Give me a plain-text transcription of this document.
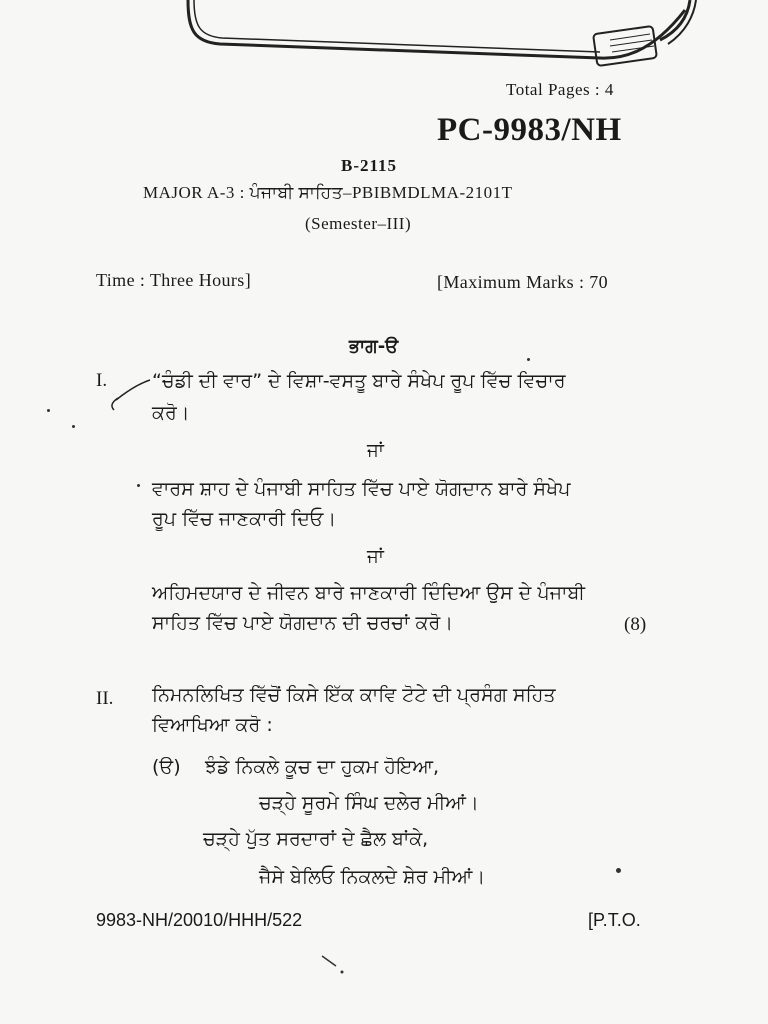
Total Pages : 4
PC-9983/NH
B-2115
MAJOR A-3 : ਪੰਜਾਬੀ ਸਾਹਿਤ–PBIBMDLMA-2101T
(Semester–III)
Time : Three Hours]	[Maximum Marks : 70
ਭਾਗ-ੳ
I. “ਚੰਡੀ ਦੀ ਵਾਰ” ਦੇ ਵਿਸ਼ਾ-ਵਸਤੂ ਬਾਰੇ ਸੰਖੇਪ ਰੂਪ ਵਿੱਚ ਵਿਚਾਰ
ਕਰੋ।
ਜਾਂ
ਵਾਰਸ ਸ਼ਾਹ ਦੇ ਪੰਜਾਬੀ ਸਾਹਿਤ ਵਿੱਚ ਪਾਏ ਯੋਗਦਾਨ ਬਾਰੇ ਸੰਖੇਪ
ਰੂਪ ਵਿੱਚ ਜਾਣਕਾਰੀ ਦਿਓ।
ਜਾਂ
ਅਹਿਮਦਯਾਰ ਦੇ ਜੀਵਨ ਬਾਰੇ ਜਾਣਕਾਰੀ ਦਿੰਦਿਆ ਉਸ ਦੇ ਪੰਜਾਬੀ
ਸਾਹਿਤ ਵਿੱਚ ਪਾਏ ਯੋਗਦਾਨ ਦੀ ਚਰਚਾਂ ਕਰੋ।	(8)
II. ਨਿਮਨਲਿਖਿਤ ਵਿੱਚੋਂ ਕਿਸੇ ਇੱਕ ਕਾਵਿ ਟੋਟੇ ਦੀ ਪ੍ਰਸੰਗ ਸਹਿਤ
ਵਿਆਖਿਆ ਕਰੋ :
(ੳ) ਝੰਡੇ ਨਿਕਲੇ ਕੂਚ ਦਾ ਹੁਕਮ ਹੋਇਆ,
ਚੜ੍ਹੇ ਸੂਰਮੇ ਸਿੰਘ ਦਲੇਰ ਮੀਆਂ।
ਚੜ੍ਹੇ ਪੁੱਤ ਸਰਦਾਰਾਂ ਦੇ ਛੈਲ ਬਾਂਕੇ,
ਜੈਸੇ ਬੇਲਿਓ ਨਿਕਲਦੇ ਸ਼ੇਰ ਮੀਆਂ।
9983-NH/20010/HHH/522	[P.T.O.
